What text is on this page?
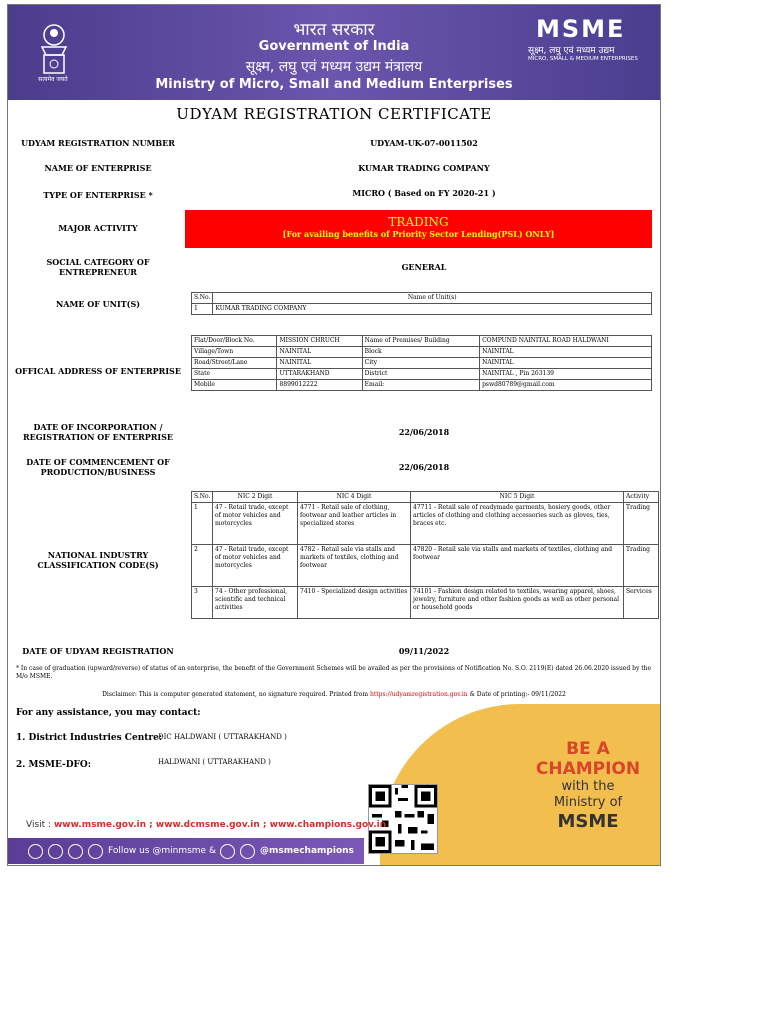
सत्यमेव जयते
भारत सरकार
Government of India
सूक्ष्म, लघु एवं मध्यम उद्यम मंत्रालय
Ministry of Micro, Small and Medium Enterprises
MSME
सूक्ष्म, लघु एवं मध्यम उद्यम
MICRO, SMALL & MEDIUM ENTERPRISES
UDYAM REGISTRATION CERTIFICATE
UDYAM REGISTRATION NUMBER	UDYAM-UK-07-0011502
NAME OF ENTERPRISE	KUMAR TRADING COMPANY
TYPE OF ENTERPRISE *	MICRO ( Based on FY 2020-21 )
MAJOR ACTIVITY	TRADING
[For availing benefits of Priority Sector Lending(PSL) ONLY]
SOCIAL CATEGORY OF ENTREPRENEUR	GENERAL
NAME OF UNIT(S)
S.No.	Name of Unit(s)
1	KUMAR TRADING COMPANY
OFFICAL ADDRESS OF ENTERPRISE
Flat/Door/Block No.	MISSION CHRUCH	Name of Premises/ Building	COMPUND NAINITAL ROAD HALDWANI
Village/Town	NAINITAL	Block	NAINITAL
Road/Street/Lane	NAINITAL	City	NAINITAL
State	UTTARAKHAND	District	NAINITAL , Pin 263139
Mobile	8899012222	Email:	pswd80789@gmail.com
DATE OF INCORPORATION / REGISTRATION OF ENTERPRISE	22/06/2018
DATE OF COMMENCEMENT OF PRODUCTION/BUSINESS	22/06/2018
NATIONAL INDUSTRY CLASSIFICATION CODE(S)
S.No.	NIC 2 Digit	NIC 4 Digit	NIC 5 Digit	Activity
1	47 - Retail trade, except of motor vehicles and motorcycles	4771 - Retail sale of clothing, footwear and leather articles in specialized stores	47711 - Retail sale of readymade garments, hosiery goods, other articles of clothing and clothing accessories such as gloves, ties, braces etc.	Trading
2	47 - Retail trade, except of motor vehicles and motorcycles	4782 - Retail sale via stalls and markets of textiles, clothing and footwear	47820 - Retail sale via stalls and markets of textiles, clothing and footwear	Trading
3	74 - Other professional, scientific and technical activities	7410 - Specialized design activities	74101 - Fashion design related to textiles, wearing apparel, shoes, jewelry, furniture and other fashion goods as well as other personal or household goods	Services
DATE OF UDYAM REGISTRATION	09/11/2022
* In case of graduation (upward/reverse) of status of an enterprise, the benefit of the Government Schemes will be availed as per the provisions of Notification No. S.O. 2119(E) dated 26.06.2020 issued by the M/o MSME.
Disclaimer: This is computer generated statement, no signature required. Printed from https://udyamregistration.gov.in & Date of printing:- 09/11/2022
For any assistance, you may contact:
1. District Industries Centre:
DIC HALDWANI ( UTTARAKHAND )
2. MSME-DFO:	HALDWANI ( UTTARAKHAND )
BE A
CHAMPION
with the
Ministry of
MSME
Visit : www.msme.gov.in ; www.dcmsme.gov.in ; www.champions.gov.in
Follow us @minmsme &	@msmechampions
